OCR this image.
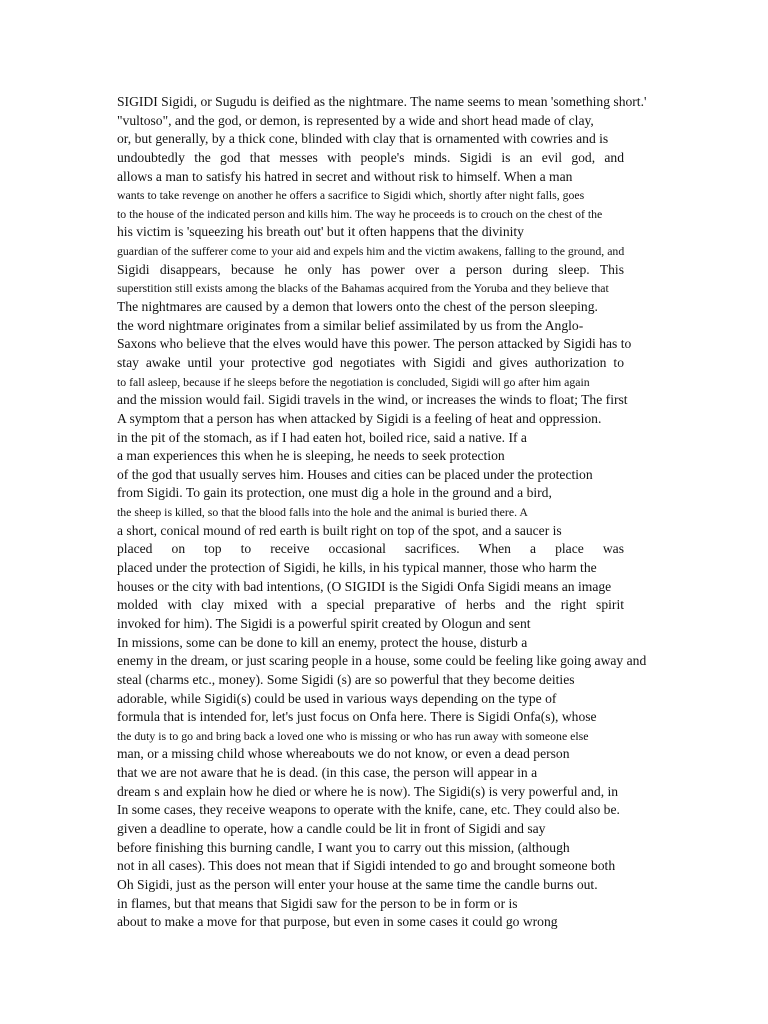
SIGIDI Sigidi, or Sugudu is deified as the nightmare. The name seems to mean 'something short.'
"vultoso", and the god, or demon, is represented by a wide and short head made of clay,
or, but generally, by a thick cone, blinded with clay that is ornamented with cowries and is
undoubtedly the god that messes with people's minds. Sigidi is an evil god, and
allows a man to satisfy his hatred in secret and without risk to himself. When a man
wants to take revenge on another he offers a sacrifice to Sigidi which, shortly after night falls, goes
to the house of the indicated person and kills him. The way he proceeds is to crouch on the chest of the
his victim is 'squeezing his breath out' but it often happens that the divinity
guardian of the sufferer come to your aid and expels him and the victim awakens, falling to the ground, and
Sigidi disappears, because he only has power over a person during sleep. This
superstition still exists among the blacks of the Bahamas acquired from the Yoruba and they believe that
The nightmares are caused by a demon that lowers onto the chest of the person sleeping.
the word nightmare originates from a similar belief assimilated by us from the Anglo-
Saxons who believe that the elves would have this power. The person attacked by Sigidi has to
stay awake until your protective god negotiates with Sigidi and gives authorization to
to fall asleep, because if he sleeps before the negotiation is concluded, Sigidi will go after him again
and the mission would fail. Sigidi travels in the wind, or increases the winds to float; The first
A symptom that a person has when attacked by Sigidi is a feeling of heat and oppression.
in the pit of the stomach, as if I had eaten hot, boiled rice, said a native. If a
a man experiences this when he is sleeping, he needs to seek protection
of the god that usually serves him. Houses and cities can be placed under the protection
from Sigidi. To gain its protection, one must dig a hole in the ground and a bird,
the sheep is killed, so that the blood falls into the hole and the animal is buried there. A
a short, conical mound of red earth is built right on top of the spot, and a saucer is
placed on top to receive occasional sacrifices. When a place was
placed under the protection of Sigidi, he kills, in his typical manner, those who harm the
houses or the city with bad intentions, (O SIGIDI is the Sigidi Onfa Sigidi means an image
molded with clay mixed with a special preparative of herbs and the right spirit
invoked for him). The Sigidi is a powerful spirit created by Ologun and sent
In missions, some can be done to kill an enemy, protect the house, disturb a
enemy in the dream, or just scaring people in a house, some could be feeling like going away and
steal (charms etc., money). Some Sigidi (s) are so powerful that they become deities
adorable, while Sigidi(s) could be used in various ways depending on the type of
formula that is intended for, let's just focus on Onfa here. There is Sigidi Onfa(s), whose
the duty is to go and bring back a loved one who is missing or who has run away with someone else
man, or a missing child whose whereabouts we do not know, or even a dead person
that we are not aware that he is dead. (in this case, the person will appear in a
dream s and explain how he died or where he is now). The Sigidi(s) is very powerful and, in
In some cases, they receive weapons to operate with the knife, cane, etc. They could also be.
given a deadline to operate, how a candle could be lit in front of Sigidi and say
before finishing this burning candle, I want you to carry out this mission, (although
not in all cases). This does not mean that if Sigidi intended to go and brought someone both
Oh Sigidi, just as the person will enter your house at the same time the candle burns out.
in flames, but that means that Sigidi saw for the person to be in form or is
about to make a move for that purpose, but even in some cases it could go wrong
